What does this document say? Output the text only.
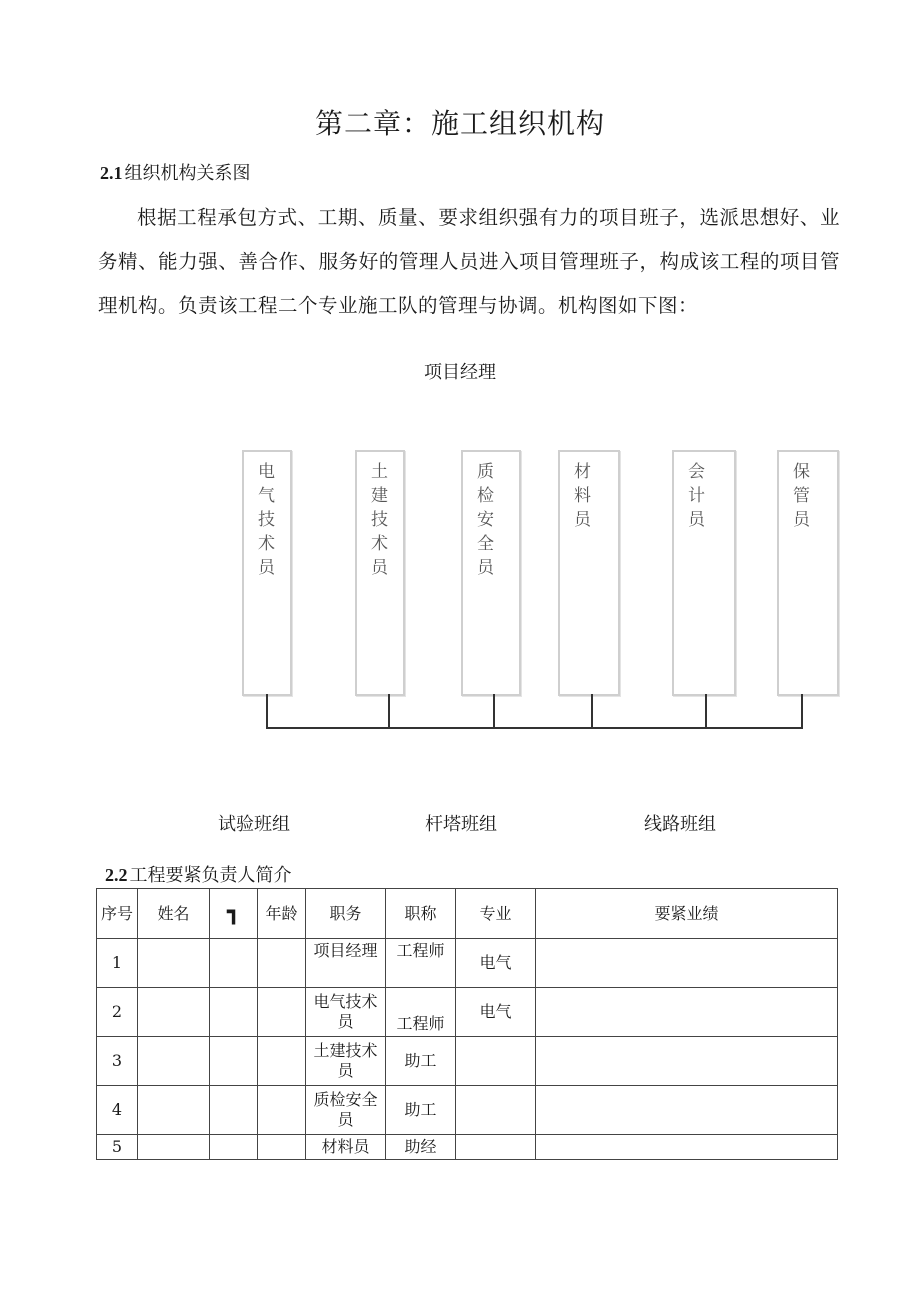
第二章：施工组织机构
2.1 组织机构关系图
根据工程承包方式、工期、质量、要求组织强有力的项目班子，选派思想好、业务精、能力强、善合作、服务好的管理人员进入项目管理班子，构成该工程的项目管理机构。负责该工程二个专业施工队的管理与协调。机构图如下图：
项目经理
电气技术员
土建技术员
质检安全员
材料员
会计员
保管员
试验班组	杆塔班组	线路班组
2.2 工程要紧负责人简介
序号	姓名	┓	年龄	职务	职称	专业	要紧业绩
1				项目经理	工程师	电气	
2				电气技术员	工程师	电气	
3				土建技术员	助工		
4				质检安全员	助工		
5				材料员	助经		
